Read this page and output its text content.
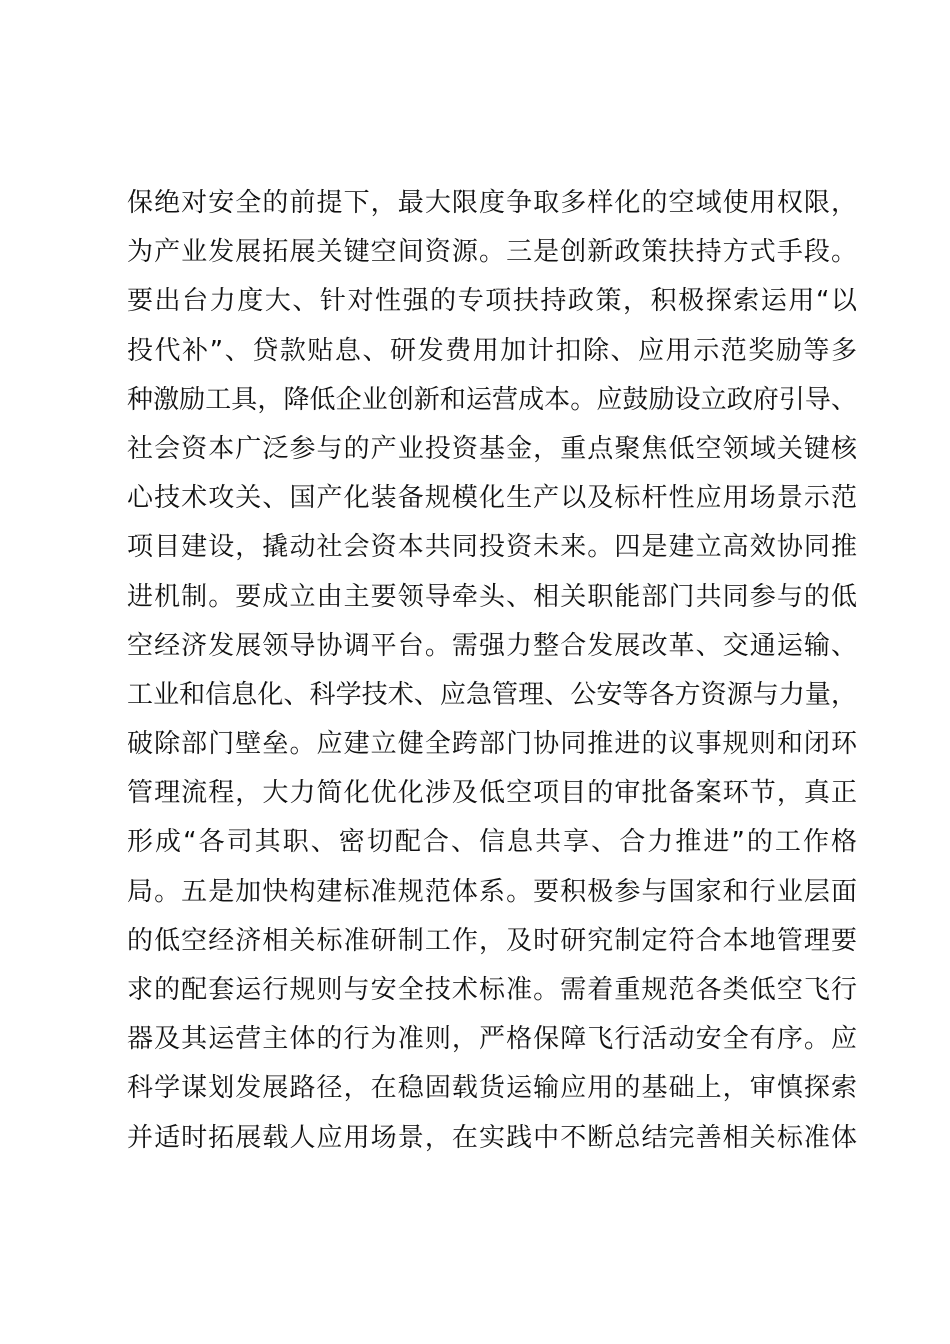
保绝对安全的前提下，最大限度争取多样化的空域使用权限，
为产业发展拓展关键空间资源。三是创新政策扶持方式手段。
要出台力度大、针对性强的专项扶持政策，积极探索运用“以
投代补”、贷款贴息、研发费用加计扣除、应用示范奖励等多
种激励工具，降低企业创新和运营成本。应鼓励设立政府引导、
社会资本广泛参与的产业投资基金，重点聚焦低空领域关键核
心技术攻关、国产化装备规模化生产以及标杆性应用场景示范
项目建设，撬动社会资本共同投资未来。四是建立高效协同推
进机制。要成立由主要领导牵头、相关职能部门共同参与的低
空经济发展领导协调平台。需强力整合发展改革、交通运输、
工业和信息化、科学技术、应急管理、公安等各方资源与力量，
破除部门壁垒。应建立健全跨部门协同推进的议事规则和闭环
管理流程，大力简化优化涉及低空项目的审批备案环节，真正
形成“各司其职、密切配合、信息共享、合力推进”的工作格
局。五是加快构建标准规范体系。要积极参与国家和行业层面
的低空经济相关标准研制工作，及时研究制定符合本地管理要
求的配套运行规则与安全技术标准。需着重规范各类低空飞行
器及其运营主体的行为准则，严格保障飞行活动安全有序。应
科学谋划发展路径，在稳固载货运输应用的基础上，审慎探索
并适时拓展载人应用场景，在实践中不断总结完善相关标准体
